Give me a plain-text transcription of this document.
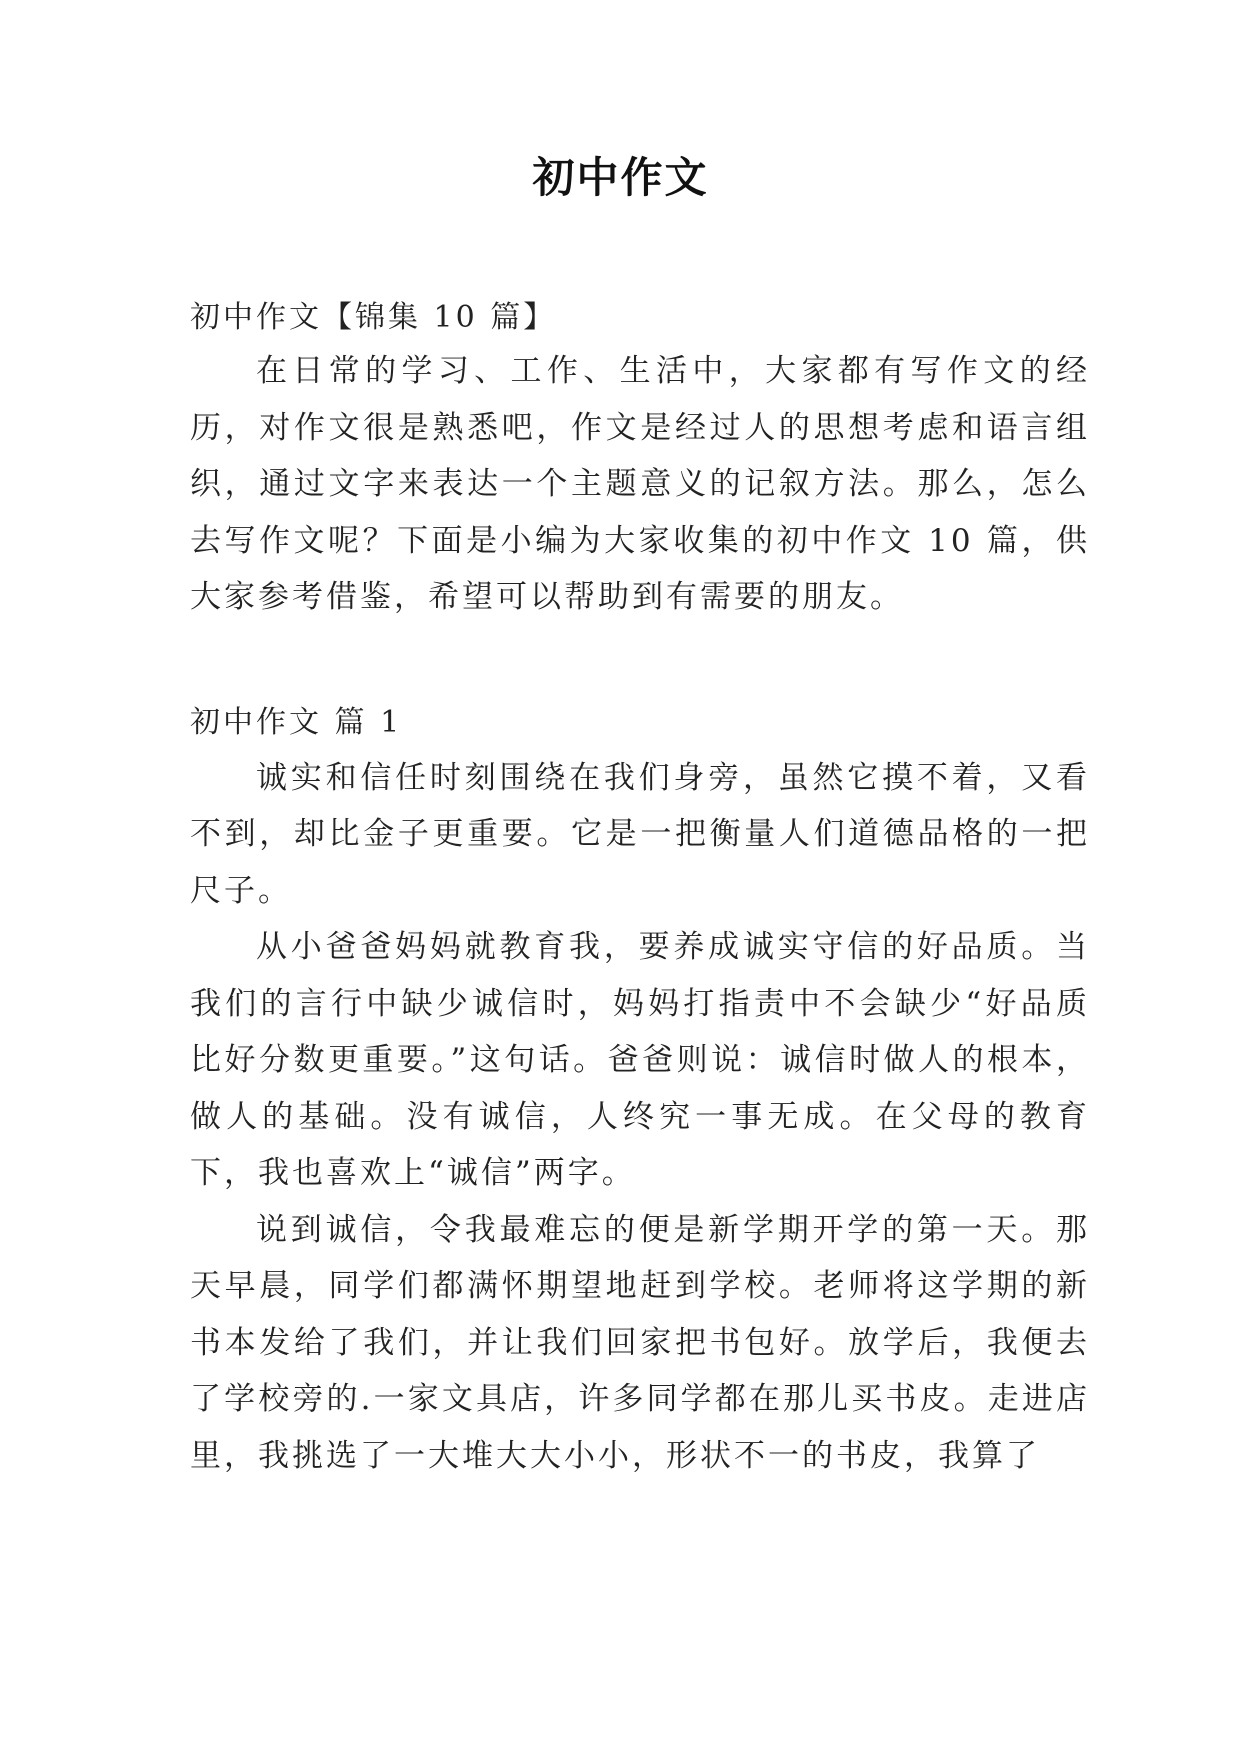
初中作文

初中作文【锦集 10 篇】

在日常的学习、工作、生活中，大家都有写作文的经历，对作文很是熟悉吧，作文是经过人的思想考虑和语言组织，通过文字来表达一个主题意义的记叙方法。那么，怎么去写作文呢？下面是小编为大家收集的初中作文 10 篇，供大家参考借鉴，希望可以帮助到有需要的朋友。

初中作文 篇 1

诚实和信任时刻围绕在我们身旁，虽然它摸不着，又看不到，却比金子更重要。它是一把衡量人们道德品格的一把尺子。

从小爸爸妈妈就教育我，要养成诚实守信的好品质。当我们的言行中缺少诚信时，妈妈打指责中不会缺少“好品质比好分数更重要。”这句话。爸爸则说：诚信时做人的根本，做人的基础。没有诚信，人终究一事无成。在父母的教育下，我也喜欢上“诚信”两字。

说到诚信，令我最难忘的便是新学期开学的第一天。那天早晨，同学们都满怀期望地赶到学校。老师将这学期的新书本发给了我们，并让我们回家把书包好。放学后，我便去了学校旁的.一家文具店，许多同学都在那儿买书皮。走进店里，我挑选了一大堆大大小小，形状不一的书皮，我算了
